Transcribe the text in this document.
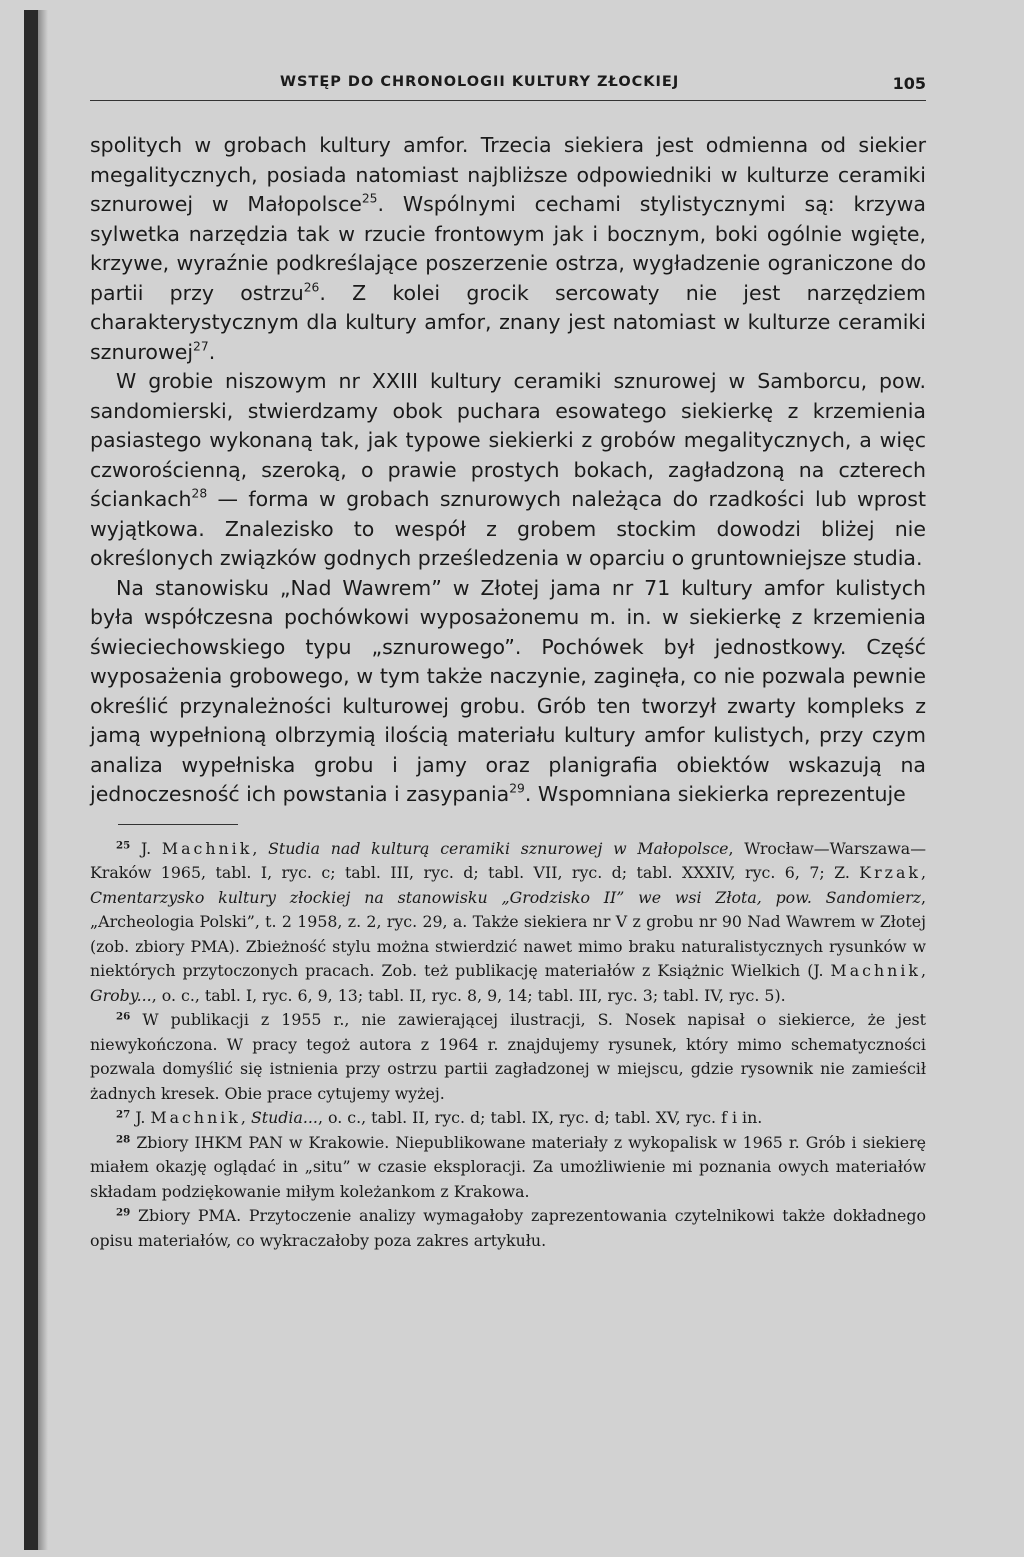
WSTĘP DO CHRONOLOGII KULTURY ZŁOCKIEJ	105

spolitych w grobach kultury amfor. Trzecia siekiera jest odmienna od siekier megalitycznych, posiada natomiast najbliższe odpowiedniki w kulturze ceramiki sznurowej w Małopolsce$^{25}$. Wspólnymi cechami stylistycznymi są: krzywa sylwetka narzędzia tak w rzucie frontowym jak i bocznym, boki ogólnie wgięte, krzywe, wyraźnie podkreślające poszerzenie ostrza, wygładzenie ograniczone do partii przy ostrzu$^{26}$. Z kolei grocik sercowaty nie jest narzędziem charakterystycznym dla kultury amfor, znany jest natomiast w kulturze ceramiki sznurowej$^{27}$.

W grobie niszowym nr XXIII kultury ceramiki sznurowej w Samborcu, pow. sandomierski, stwierdzamy obok puchara esowatego siekierkę z krzemienia pasiastego wykonaną tak, jak typowe siekierki z grobów megalitycznych, a więc czworościenną, szeroką, o prawie prostych bokach, zagładzoną na czterech ściankach$^{28}$ — forma w grobach sznurowych należąca do rzadkości lub wprost wyjątkowa. Znalezisko to wespół z grobem stockim dowodzi bliżej nie określonych związków godnych prześledzenia w oparciu o gruntowniejsze studia.

Na stanowisku „Nad Wawrem” w Złotej jama nr 71 kultury amfor kulistych była współczesna pochówkowi wyposażonemu m. in. w siekierkę z krzemienia świeciechowskiego typu „sznurowego”. Pochówek był jednostkowy. Część wyposażenia grobowego, w tym także naczynie, zaginęła, co nie pozwala pewnie określić przynależności kulturowej grobu. Grób ten tworzył zwarty kompleks z jamą wypełnioną olbrzymią ilością materiału kultury amfor kulistych, przy czym analiza wypełniska grobu i jamy oraz planigrafia obiektów wskazują na jednoczesność ich powstania i zasypania$^{29}$. Wspomniana siekierka reprezentuje

$^{25}$ J. Machnik, Studia nad kulturą ceramiki sznurowej w Małopolsce, Wrocław—Warszawa—Kraków 1965, tabl. I, ryc. c; tabl. III, ryc. d; tabl. VII, ryc. d; tabl. XXXIV, ryc. 6, 7; Z. Krzak, Cmentarzysko kultury złockiej na stanowisku „Grodzisko II” we wsi Złota, pow. Sandomierz, „Archeologia Polski”, t. 2 1958, z. 2, ryc. 29, a. Także siekiera nr V z grobu nr 90 Nad Wawrem w Złotej (zob. zbiory PMA). Zbieżność stylu można stwierdzić nawet mimo braku naturalistycznych rysunków w niektórych przytoczonych pracach. Zob. też publikację materiałów z Książnic Wielkich (J. Machnik, Groby..., o. c., tabl. I, ryc. 6, 9, 13; tabl. II, ryc. 8, 9, 14; tabl. III, ryc. 3; tabl. IV, ryc. 5).

$^{26}$ W publikacji z 1955 r., nie zawierającej ilustracji, S. Nosek napisał o siekierce, że jest niewykończona. W pracy tegoż autora z 1964 r. znajdujemy rysunek, który mimo schematyczności pozwala domyślić się istnienia przy ostrzu partii zagładzonej w miejscu, gdzie rysownik nie zamieścił żadnych kresek. Obie prace cytujemy wyżej.

$^{27}$ J. Machnik, Studia..., o. c., tabl. II, ryc. d; tabl. IX, ryc. d; tabl. XV, ryc. f i in.

$^{28}$ Zbiory IHKM PAN w Krakowie. Niepublikowane materiały z wykopalisk w 1965 r. Grób i siekierę miałem okazję oglądać in „situ” w czasie eksploracji. Za umożliwienie mi poznania owych materiałów składam podziękowanie miłym koleżankom z Krakowa.

$^{29}$ Zbiory PMA. Przytoczenie analizy wymagałoby zaprezentowania czytelnikowi także dokładnego opisu materiałów, co wykraczałoby poza zakres artykułu.
